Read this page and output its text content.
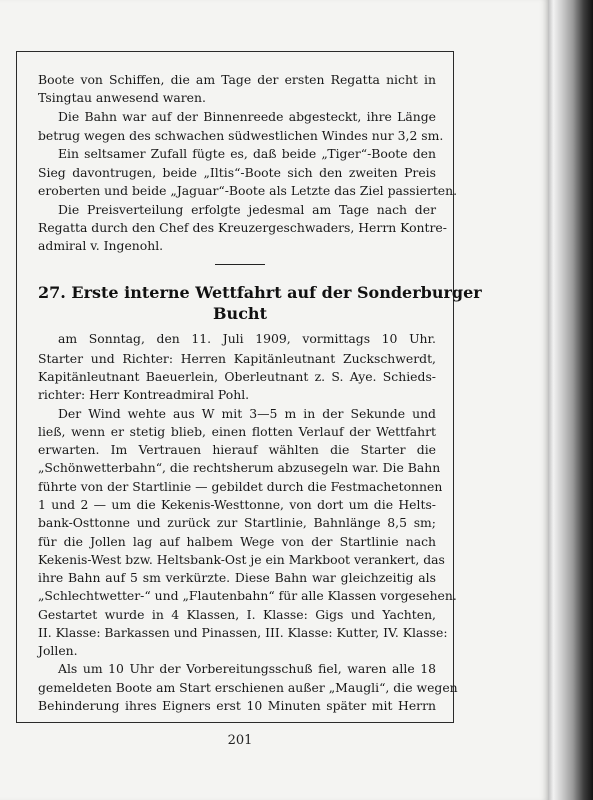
Boote von Schiffen, die am Tage der ersten Regatta nicht in
Tsingtau anwesend waren.
Die Bahn war auf der Binnenreede abgesteckt, ihre Länge
betrug wegen des schwachen südwestlichen Windes nur 3,2 sm.
Ein seltsamer Zufall fügte es, daß beide „Tiger“-Boote den
Sieg davontrugen, beide „Iltis“-Boote sich den zweiten Preis
eroberten und beide „Jaguar“-Boote als Letzte das Ziel passierten.
Die Preisverteilung erfolgte jedesmal am Tage nach der
Regatta durch den Chef des Kreuzergeschwaders, Herrn Kontre-
admiral v. Ingenohl.
27. Erste interne Wettfahrt auf der Sonderburger
Bucht
am Sonntag, den 11. Juli 1909, vormittags 10 Uhr.
Starter und Richter: Herren Kapitänleutnant Zuckschwerdt,
Kapitänleutnant Baeuerlein, Oberleutnant z. S. Aye. Schieds-
richter: Herr Kontreadmiral Pohl.
Der Wind wehte aus W mit 3—5 m in der Sekunde und
ließ, wenn er stetig blieb, einen flotten Verlauf der Wettfahrt
erwarten. Im Vertrauen hierauf wählten die Starter die
„Schönwetterbahn“, die rechtsherum abzusegeln war. Die Bahn
führte von der Startlinie — gebildet durch die Festmachetonnen
1 und 2 — um die Kekenis-Westtonne, von dort um die Helts-
bank-Osttonne und zurück zur Startlinie, Bahnlänge 8,5 sm;
für die Jollen lag auf halbem Wege von der Startlinie nach
Kekenis-West bzw. Heltsbank-Ost je ein Markboot verankert, das
ihre Bahn auf 5 sm verkürzte. Diese Bahn war gleichzeitig als
„Schlechtwetter-“ und „Flautenbahn“ für alle Klassen vorgesehen.
Gestartet wurde in 4 Klassen, I. Klasse: Gigs und Yachten,
II. Klasse: Barkassen und Pinassen, III. Klasse: Kutter, IV. Klasse:
Jollen.
Als um 10 Uhr der Vorbereitungsschuß fiel, waren alle 18
gemeldeten Boote am Start erschienen außer „Maugli“, die wegen
Behinderung ihres Eigners erst 10 Minuten später mit Herrn
201
